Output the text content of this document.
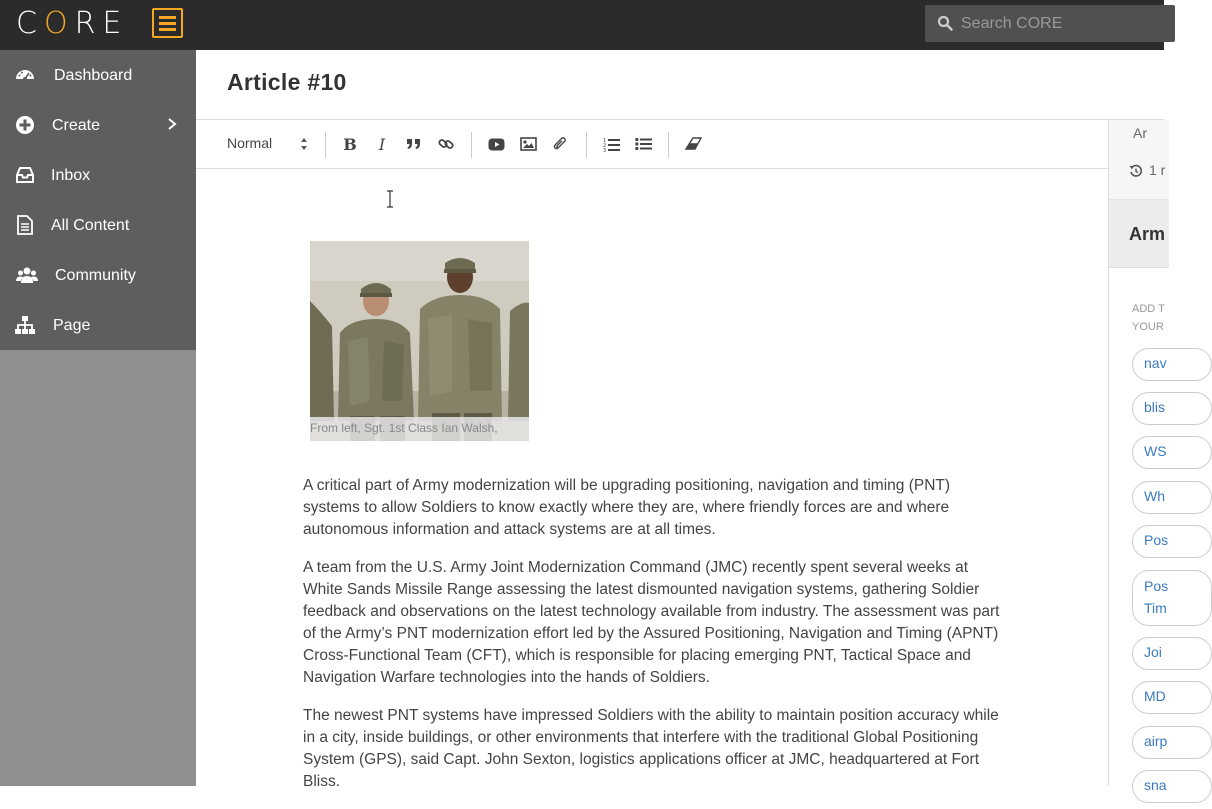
CORE
Search CORE
Dashboard
Create
Inbox
All Content
Community
Page
Article #10
Normal	B I	1
2
3
From left, Sgt. 1st Class Ian Walsh,

A critical part of Army modernization will be upgrading positioning, navigation and timing (PNT) systems to allow Soldiers to know exactly where they are, where friendly forces are and where autonomous information and attack systems are at all times.

A team from the U.S. Army Joint Modernization Command (JMC) recently spent several weeks at White Sands Missile Range assessing the latest dismounted navigation systems, gathering Soldier feedback and observations on the latest technology available from industry. The assessment was part of the Army’s PNT modernization effort led by the Assured Positioning, Navigation and Timing (APNT) Cross-Functional Team (CFT), which is responsible for placing emerging PNT, Tactical Space and Navigation Warfare technologies into the hands of Soldiers.

The newest PNT systems have impressed Soldiers with the ability to maintain position accuracy while in a city, inside buildings, or other environments that interfere with the traditional Global Positioning System (GPS), said Capt. John Sexton, logistics applications officer at JMC, headquartered at Fort Bliss.

Ar
1 r
Arm
ADD T
YOUR
nav
blis
WS
Wh
Pos
Pos
Tim
Joi
MD
airp
sna
